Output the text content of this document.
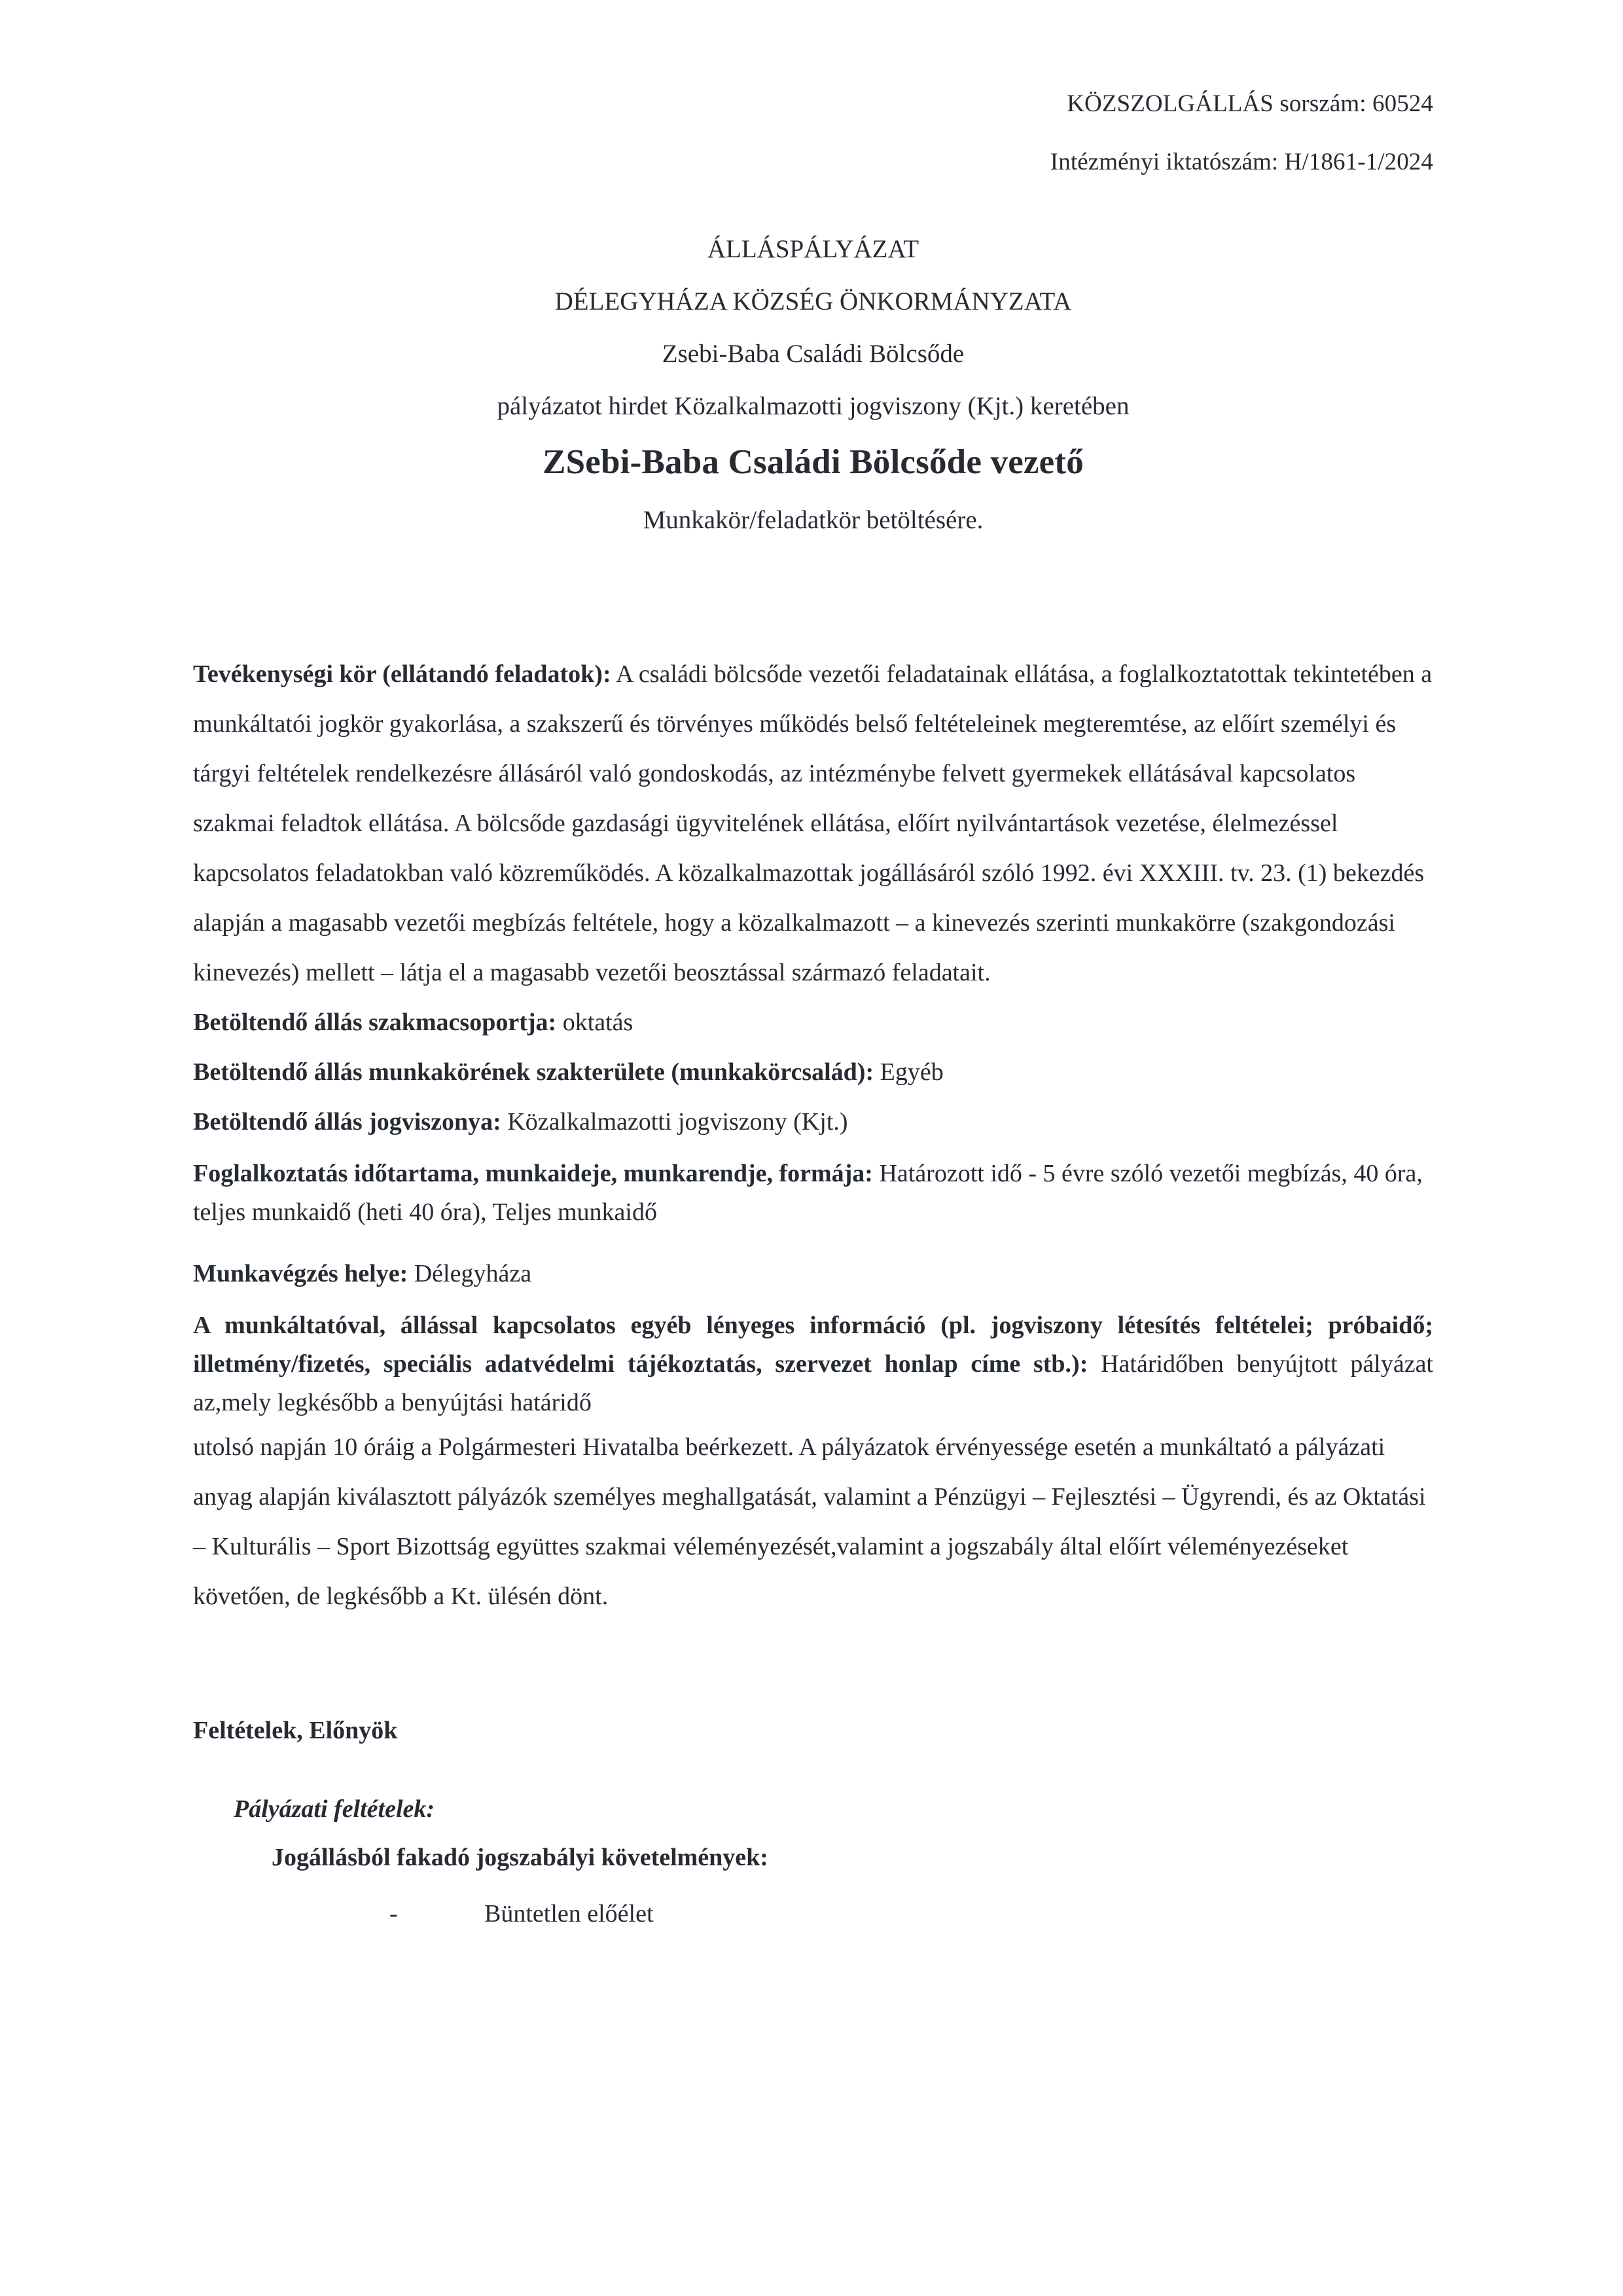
KÖZSZOLGÁLLÁS sorszám: 60524
Intézményi iktatószám: H/1861-1/2024
ÁLLÁSPÁLYÁZAT
DÉLEGYHÁZA KÖZSÉG ÖNKORMÁNYZATA
Zsebi-Baba Családi Bölcsőde
pályázatot hirdet Közalkalmazotti jogviszony (Kjt.) keretében
ZSebi-Baba Családi Bölcsőde vezető
Munkakör/feladatkör betöltésére.

Tevékenységi kör (ellátandó feladatok): A családi bölcsőde vezetői feladatainak ellátása, a foglalkoztatottak tekintetében a munkáltatói jogkör gyakorlása, a szakszerű és törvényes működés belső feltételeinek megteremtése, az előírt személyi és tárgyi feltételek rendelkezésre állásáról való gondoskodás, az intézménybe felvett gyermekek ellátásával kapcsolatos szakmai feladtok ellátása. A bölcsőde gazdasági ügyvitelének ellátása, előírt nyilvántartások vezetése, élelmezéssel kapcsolatos feladatokban való közreműködés. A közalkalmazottak jogállásáról szóló 1992. évi XXXIII. tv. 23. (1) bekezdés alapján a magasabb vezetői megbízás feltétele, hogy a közalkalmazott – a kinevezés szerinti munkakörre (szakgondozási kinevezés) mellett – látja el a magasabb vezetői beosztással származó feladatait.

Betöltendő állás szakmacsoportja: oktatás

Betöltendő állás munkakörének szakterülete (munkakörcsalád): Egyéb

Betöltendő állás jogviszonya: Közalkalmazotti jogviszony (Kjt.)

Foglalkoztatás időtartama, munkaideje, munkarendje, formája: Határozott idő - 5 évre szóló vezetői megbízás, 40 óra, teljes munkaidő (heti 40 óra), Teljes munkaidő

Munkavégzés helye: Délegyháza

A munkáltatóval, állással kapcsolatos egyéb lényeges információ (pl. jogviszony létesítés feltételei; próbaidő; illetmény/fizetés, speciális adatvédelmi tájékoztatás, szervezet honlap címe stb.): Határidőben benyújtott pályázat az,mely legkésőbb a benyújtási határidő

utolsó napján 10 óráig a Polgármesteri Hivatalba beérkezett. A pályázatok érvényessége esetén a munkáltató a pályázati anyag alapján kiválasztott pályázók személyes meghallgatását, valamint a Pénzügyi – Fejlesztési – Ügyrendi, és az Oktatási – Kulturális – Sport Bizottság együttes szakmai véleményezését,valamint a jogszabály által előírt véleményezéseket követően, de legkésőbb a Kt. ülésén dönt.

Feltételek, Előnyök
Pályázati feltételek:
Jogállásból fakadó jogszabályi követelmények:
-	Büntetlen előélet
